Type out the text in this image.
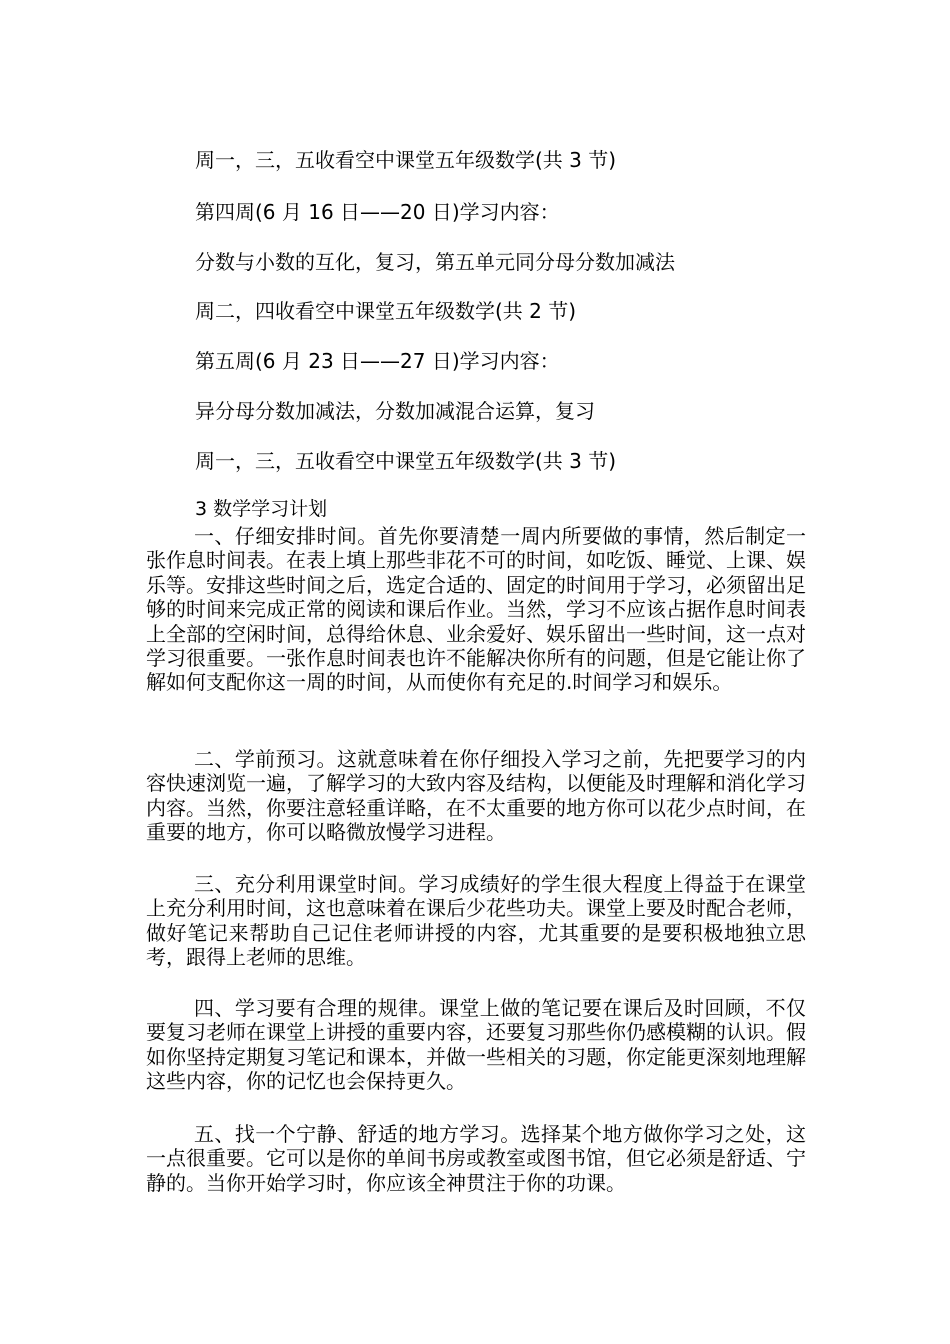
周一，三，五收看空中课堂五年级数学(共 3 节)
第四周(6 月 16 日——20 日)学习内容：
分数与小数的互化，复习，第五单元同分母分数加减法
周二，四收看空中课堂五年级数学(共 2 节)
第五周(6 月 23 日——27 日)学习内容：
异分母分数加减法，分数加减混合运算，复习
周一，三，五收看空中课堂五年级数学(共 3 节)
3 数学学习计划

一、仔细安排时间。首先你要清楚一周内所要做的事情，然后制定一张作息时间表。在表上填上那些非花不可的时间，如吃饭、睡觉、上课、娱乐等。安排这些时间之后，选定合适的、固定的时间用于学习，必须留出足够的时间来完成正常的阅读和课后作业。当然，学习不应该占据作息时间表上全部的空闲时间，总得给休息、业余爱好、娱乐留出一些时间，这一点对学习很重要。一张作息时间表也许不能解决你所有的问题，但是它能让你了解如何支配你这一周的时间，从而使你有充足的.时间学习和娱乐。

二、学前预习。这就意味着在你仔细投入学习之前，先把要学习的内容快速浏览一遍，了解学习的大致内容及结构，以便能及时理解和消化学习内容。当然，你要注意轻重详略，在不太重要的地方你可以花少点时间，在重要的地方，你可以略微放慢学习进程。

三、充分利用课堂时间。学习成绩好的学生很大程度上得益于在课堂上充分利用时间，这也意味着在课后少花些功夫。课堂上要及时配合老师，做好笔记来帮助自己记住老师讲授的内容，尤其重要的是要积极地独立思考，跟得上老师的思维。

四、学习要有合理的规律。课堂上做的笔记要在课后及时回顾，不仅要复习老师在课堂上讲授的重要内容，还要复习那些你仍感模糊的认识。假如你坚持定期复习笔记和课本，并做一些相关的习题，你定能更深刻地理解这些内容，你的记忆也会保持更久。

五、找一个宁静、舒适的地方学习。选择某个地方做你学习之处，这一点很重要。它可以是你的单间书房或教室或图书馆，但它必须是舒适、宁静的。当你开始学习时，你应该全神贯注于你的功课。
